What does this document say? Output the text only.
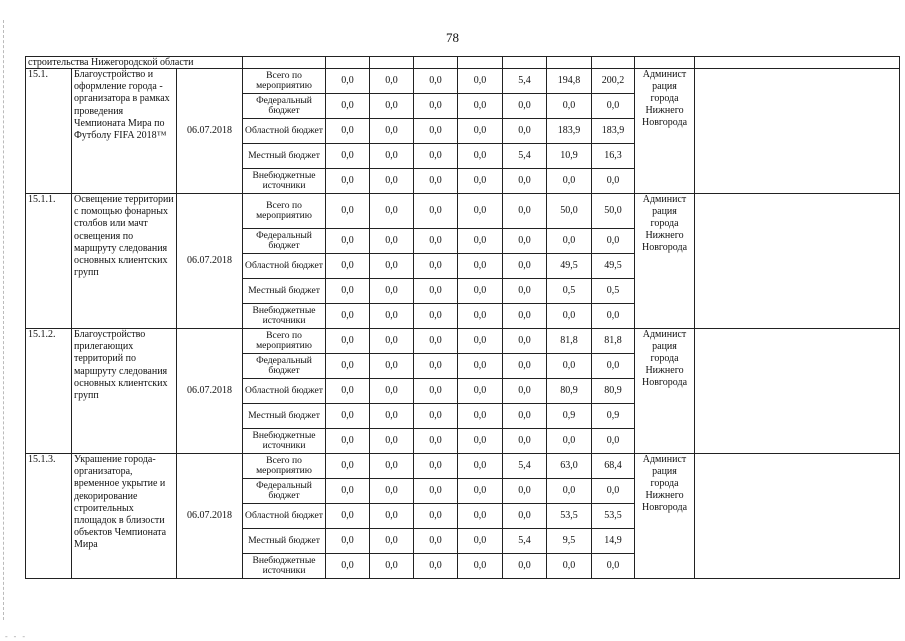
78
строительства Нижегородской области												
15.1.	Благоустройство и оформление города - организатора в рамках проведения Чемпионата Мира по Футболу FIFA 2018™	06.07.2018	Всего по мероприятию	0,0	0,0	0,0	0,0	5,4	194,8	200,2	Админист рация города Нижнего Новгорода	
			Федеральный бюджет	0,0	0,0	0,0	0,0	0,0	0,0	0,0		
			Областной бюджет	0,0	0,0	0,0	0,0	0,0	183,9	183,9		
			Местный бюджет	0,0	0,0	0,0	0,0	5,4	10,9	16,3		
			Внебюджетные источники	0,0	0,0	0,0	0,0	0,0	0,0	0,0		
15.1.1.	Освещение территории с помощью фонарных столбов или мачт освещения по маршруту следования основных клиентских групп	06.07.2018	Всего по мероприятию	0,0	0,0	0,0	0,0	0,0	50,0	50,0	Админист рация города Нижнего Новгорода	
			Федеральный бюджет	0,0	0,0	0,0	0,0	0,0	0,0	0,0		
			Областной бюджет	0,0	0,0	0,0	0,0	0,0	49,5	49,5		
			Местный бюджет	0,0	0,0	0,0	0,0	0,0	0,5	0,5		
			Внебюджетные источники	0,0	0,0	0,0	0,0	0,0	0,0	0,0		
15.1.2.	Благоустройство прилегающих территорий по маршруту следования основных клиентских групп	06.07.2018	Всего по мероприятию	0,0	0,0	0,0	0,0	0,0	81,8	81,8	Админист рация города Нижнего Новгорода	
			Федеральный бюджет	0,0	0,0	0,0	0,0	0,0	0,0	0,0		
			Областной бюджет	0,0	0,0	0,0	0,0	0,0	80,9	80,9		
			Местный бюджет	0,0	0,0	0,0	0,0	0,0	0,9	0,9		
			Внебюджетные источники	0,0	0,0	0,0	0,0	0,0	0,0	0,0		
15.1.3.	Украшение города- организатора, временное укрытие и декорирование строительных площадок в близости объектов Чемпионата Мира	06.07.2018	Всего по мероприятию	0,0	0,0	0,0	0,0	5,4	63,0	68,4	Админист рация города Нижнего Новгорода	
			Федеральный бюджет	0,0	0,0	0,0	0,0	0,0	0,0	0,0		
			Областной бюджет	0,0	0,0	0,0	0,0	0,0	53,5	53,5		
			Местный бюджет	0,0	0,0	0,0	0,0	5,4	9,5	14,9		
			Внебюджетные источники	0,0	0,0	0,0	0,0	0,0	0,0	0,0		
- - -
